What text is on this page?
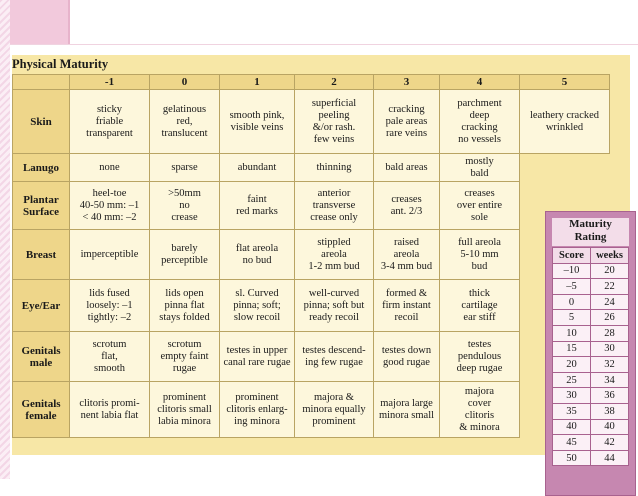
Physical Maturity
	-1	0	1	2	3	4	5

Skin	sticky
friable
transparent	gelatinous
red,
translucent	smooth pink,
visible veins	superficial
peeling
&/or rash.
few veins	cracking
pale areas
rare veins	parchment
deep
cracking
no vessels	leathery cracked
wrinkled

Lanugo	none	sparse	abundant	thinning	bald areas	mostly
bald	

Plantar
Surface	heel-toe
40-50 mm: –1
< 40 mm: –2	>50mm
no
crease	faint
red marks	anterior
transverse
crease only	creases
ant. 2/3	creases
over entire
sole	

Breast	imperceptible	barely
perceptible	flat areola
no bud	stippled
areola
1-2 mm bud	raised
areola
3-4 mm bud	full areola
5-10 mm
bud	

Eye/Ear	lids fused
loosely: –1
tightly: –2	lids open
pinna flat
stays folded	sl. Curved
pinna; soft;
slow recoil	well-curved
pinna; soft but
ready recoil	formed &
firm instant
recoil	thick
cartilage
ear stiff	

Genitals
male	scrotum
flat,
smooth	scrotum
empty faint
rugae	testes in upper
canal rare rugae	testes descend-
ing few rugae	testes down
good rugae	testes
pendulous
deep rugae	

Genitals
female	clitoris promi-
nent labia flat	prominent
clitoris small
labia minora	prominent
clitoris enlarg-
ing minora	majora &
minora equally
prominent	majora large
minora small	majora
cover
clitoris
& minora	

Maturity
Rating
Score	weeks
–10	20
–5	22
0	24
5	26
10	28
15	30
20	32
25	34
30	36
35	38
40	40
45	42
50	44
